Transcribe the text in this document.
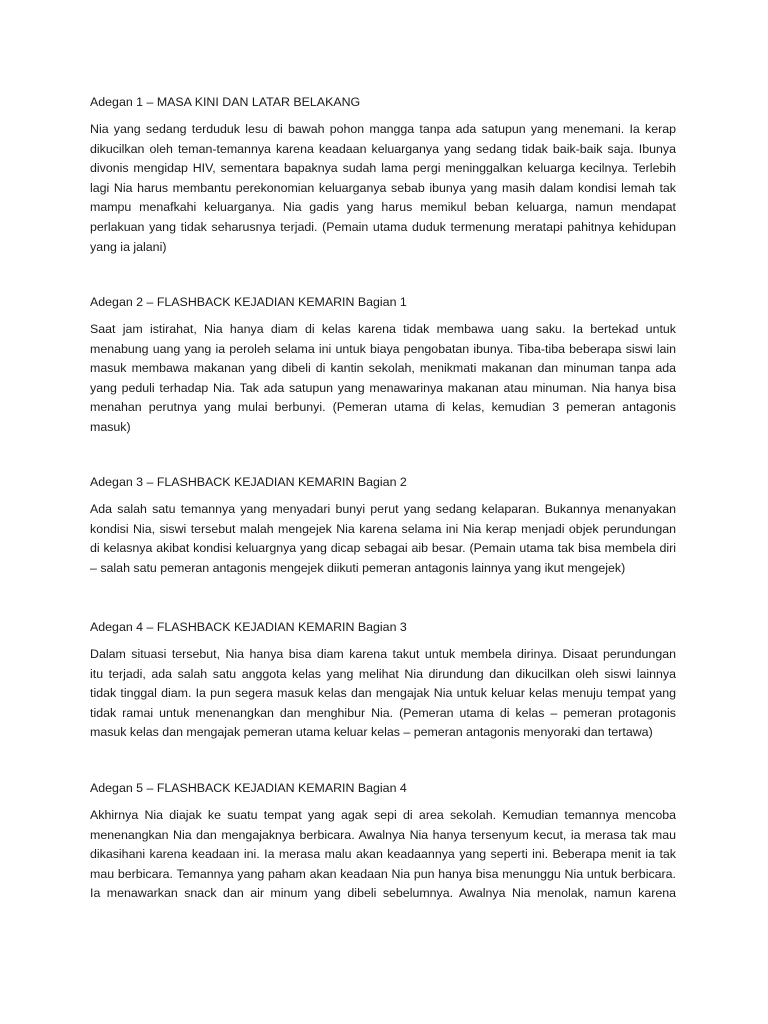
Adegan 1 – MASA KINI DAN LATAR BELAKANG
Nia yang sedang terduduk lesu di bawah pohon mangga tanpa ada satupun yang menemani. Ia kerap
dikucilkan oleh teman-temannya karena keadaan keluarganya yang sedang tidak baik-baik saja. Ibunya
divonis mengidap HIV, sementara bapaknya sudah lama pergi meninggalkan keluarga kecilnya. Terlebih
lagi Nia harus membantu perekonomian keluarganya sebab ibunya yang masih dalam kondisi lemah tak
mampu menafkahi keluarganya. Nia gadis yang harus memikul beban keluarga, namun mendapat
perlakuan yang tidak seharusnya terjadi. (Pemain utama duduk termenung meratapi pahitnya kehidupan
yang ia jalani)
Adegan 2 – FLASHBACK KEJADIAN KEMARIN Bagian 1
Saat jam istirahat, Nia hanya diam di kelas karena tidak membawa uang saku. Ia bertekad untuk
menabung uang yang ia peroleh selama ini untuk biaya pengobatan ibunya. Tiba-tiba beberapa siswi lain
masuk membawa makanan yang dibeli di kantin sekolah, menikmati makanan dan minuman tanpa ada
yang peduli terhadap Nia. Tak ada satupun yang menawarinya makanan atau minuman. Nia hanya bisa
menahan perutnya yang mulai berbunyi. (Pemeran utama di kelas, kemudian 3 pemeran antagonis
masuk)
Adegan 3 – FLASHBACK KEJADIAN KEMARIN Bagian 2
Ada salah satu temannya yang menyadari bunyi perut yang sedang kelaparan. Bukannya menanyakan
kondisi Nia, siswi tersebut malah mengejek Nia karena selama ini Nia kerap menjadi objek perundungan
di kelasnya akibat kondisi keluargnya yang dicap sebagai aib besar. (Pemain utama tak bisa membela diri
– salah satu pemeran antagonis mengejek diikuti pemeran antagonis lainnya yang ikut mengejek)
Adegan 4 – FLASHBACK KEJADIAN KEMARIN Bagian 3
Dalam situasi tersebut, Nia hanya bisa diam karena takut untuk membela dirinya. Disaat perundungan
itu terjadi, ada salah satu anggota kelas yang melihat Nia dirundung dan dikucilkan oleh siswi lainnya
tidak tinggal diam. Ia pun segera masuk kelas dan mengajak Nia untuk keluar kelas menuju tempat yang
tidak ramai untuk menenangkan dan menghibur Nia. (Pemeran utama di kelas – pemeran protagonis
masuk kelas dan mengajak pemeran utama keluar kelas – pemeran antagonis menyoraki dan tertawa)
Adegan 5 – FLASHBACK KEJADIAN KEMARIN Bagian 4
Akhirnya Nia diajak ke suatu tempat yang agak sepi di area sekolah. Kemudian temannya mencoba
menenangkan Nia dan mengajaknya berbicara. Awalnya Nia hanya tersenyum kecut, ia merasa tak mau
dikasihani karena keadaan ini. Ia merasa malu akan keadaannya yang seperti ini. Beberapa menit ia tak
mau berbicara. Temannya yang paham akan keadaan Nia pun hanya bisa menunggu Nia untuk berbicara.
Ia menawarkan snack dan air minum yang dibeli sebelumnya. Awalnya Nia menolak, namun karena
